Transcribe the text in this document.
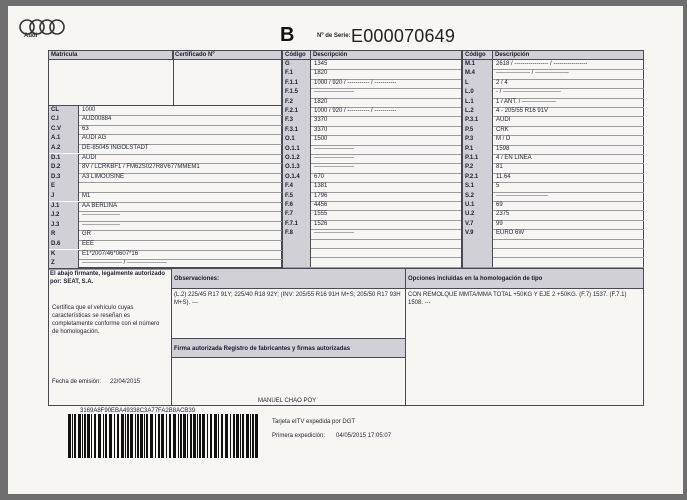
Audi	B	Nº de Serie: E000070649
Matrícula	Certificado Nº
CL	1000
C.I	AUD00884
C.V	63
A.1	AUDI AG
A.2	DE-85045 INGOLSTADT
D.1	AUDI
D.2	8V / LCRKBF1 / FM62S027R8V677MMEM1
D.3	A3 LIMOUSINE
E
J	M1
J.1	AA BERLINA
J.2	-------------------
J.3	-------------------
R	GR
D.6	EEE
K	E1*2007/46*0607*16
Z	-------------------- / --------------------
Código	Descripción
G	1345
F.1	1820
F.1.1	1000 / 920 / ----------- / -----------
F.1.5	--------------------
F.2	1820
F.2.1	1000 / 920 / ----------- / -----------
F.3	3370
F.3.1	3370
O.1	1500
O.1.1	--------------------
O.1.2	--------------------
O.1.3	--------------------
O.1.4	670
F.4	1381
F.5	1796
F.6	4456
F.7	1555
F.7.1	1526
F.8	--------------------
Código	Descripción
M.1	2618 / ----------------- / -----------------
M.4	----------------- / -----------------
L	2 / 4
L.0	- / -----------------------------
L.1	1 / ANT. / -----------------
L.2	4 - 205/55 R16 91V
P.3.1	AUDI
P.5	CRK
P.3	M / D
P.1	1598
P.1.1	4 / EN LINEA
P.2	81
P.2.1	11.64
S.1	5
S.2	--------------------------
U.1	69
U.2	2375
V.7	99
V.9	EURO 6W
El abajo firmante, legalmente autorizado
por: SEAT, S.A.
Certifica que el vehículo cuyas características se reseñan es completamente conforme con el número de homologación.
Fecha de emisión: 22/04/2015
Observaciones:
(L.2) 225/45 R17 91Y; 225/40 R18 92Y; (INV: 205/55 R16 91H M+S; 205/50 R17 93H M+S). ---
Firma autorizada Registro de fabricantes y firmas autorizadas
MANUEL CHAO POY
Opciones incluidas en la homologación de tipo
CON REMOLQUE MMTA/MMA TOTAL +50KG Y EJE 2 +50KG. (F.7) 1537. (F.7.1) 1508. ---
3169A8F90EBA49338C3A77FA2B8ACB39
Tarjeta eITV expedida por DGT
Primera expedición: 04/05/2015 17:05:07
